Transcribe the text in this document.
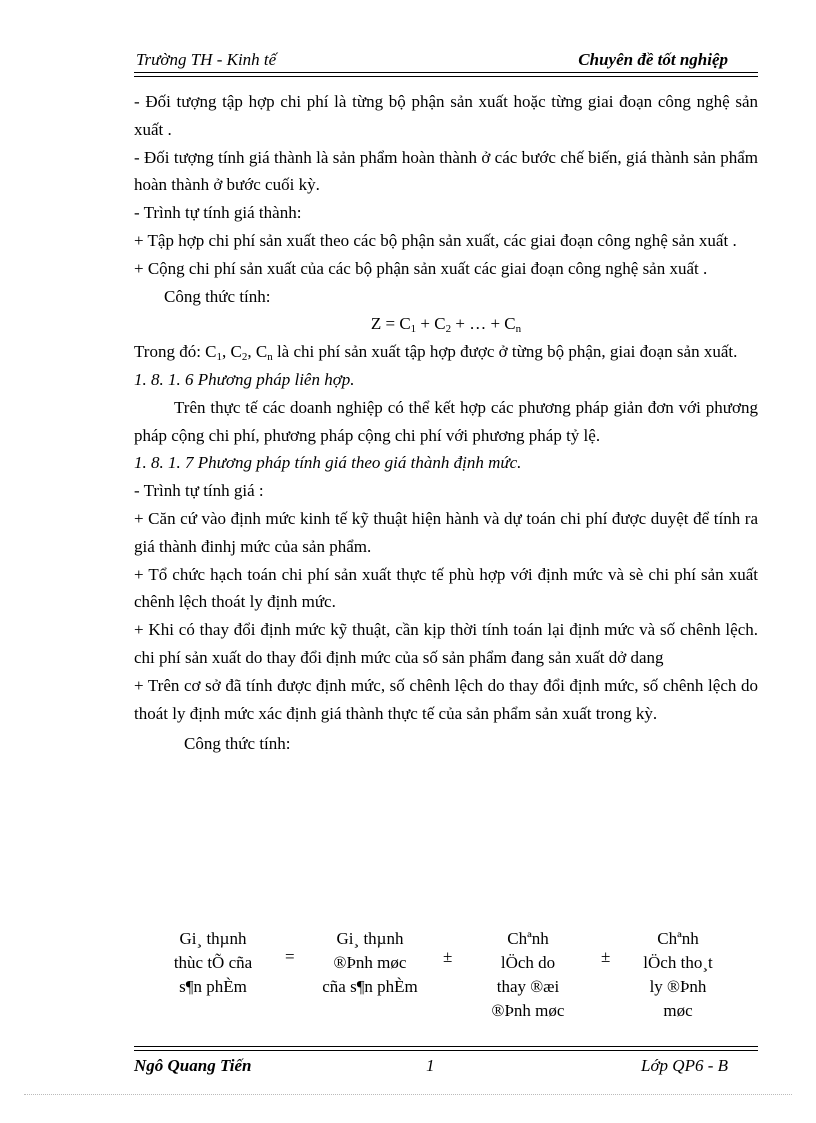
Trường TH - Kinh tế	Chuyên đề tốt nghiệp

- Đối tượng tập hợp chi phí là từng bộ phận sản xuất hoặc từng giai đoạn công nghệ sản xuất .

- Đối tượng tính giá thành là sản phẩm hoàn thành ở các bước chế biến, giá thành sản phẩm hoàn thành ở bước cuối kỳ.

- Trình tự tính giá thành:

+ Tập hợp chi phí sản xuất theo các bộ phận sản xuất, các giai đoạn công nghệ sản xuất .

+ Cộng chi phí sản xuất của các bộ phận sản xuất các giai đoạn công nghệ sản xuất .

Công thức tính:

$Z = C_1 + C_2$ + … + $C_n$

Trong đó: $C_1$, $C_2$, $C_n$ là chi phí sản xuất tập hợp được ở từng bộ phận, giai đoạn sản xuất.

1. 8. 1. 6 Phương pháp liên hợp.

Trên thực tế các doanh nghiệp có thể kết hợp các phương pháp giản đơn với phương pháp cộng chi phí, phương pháp cộng chi phí với phương pháp tỷ lệ.

1. 8. 1. 7 Phương pháp tính giá theo giá thành định mức.

- Trình tự tính giá :

+ Căn cứ vào định mức kinh tế kỹ thuật hiện hành và dự toán chi phí được duyệt để tính ra giá thành đinhj mức của sản phẩm.

+ Tổ chức hạch toán chi phí sản xuất thực tế phù hợp với định mức và sè chi phí sản xuất chênh lệch thoát ly định mức.

+ Khi có thay đổi định mức kỹ thuật, cần kịp thời tính toán lại định mức và số chênh lệch. chi phí sản xuất do thay đổi định mức của số sản phẩm đang sản xuất dở dang

+ Trên cơ sở đã tính được định mức, số chênh lệch do thay đổi định mức, số chênh lệch do thoát ly định mức xác định giá thành thực tế của sản phẩm sản xuất trong kỳ.

Công thức tính:

Gi¸ thµnh
thùc tÕ cña
s¶n phÈm
=
Gi¸ thµnh
®Þnh møc
cña s¶n phÈm
±
Chªnh
lÖch do
thay ®æi
®Þnh møc
±
Chªnh
lÖch tho¸t
ly ®Þnh
møc
Ngô Quang Tiến	1	Lớp QP6 - B
